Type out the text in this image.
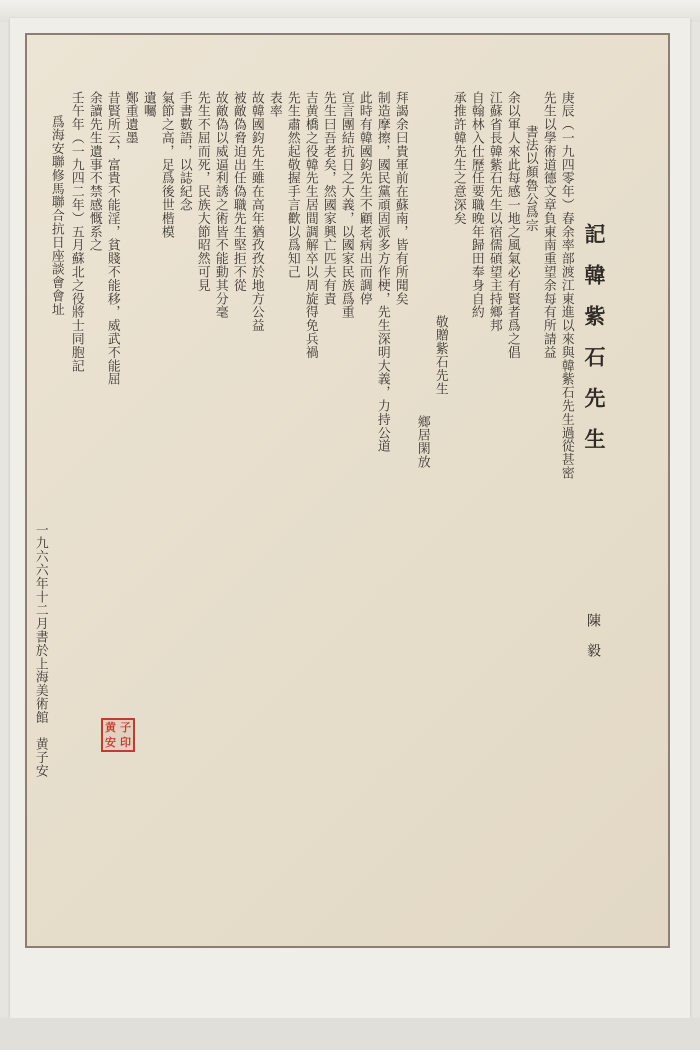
記韓紫石先生
庚辰（一九四零年）春余率部渡江東進以來與韓紫石先生過從甚密
先生以學術道德文章負東南重望余每有所請益
書法以顏魯公爲宗
余以軍人來此每感一地之風氣必有賢者爲之倡
江蘇省長韓紫石先生以宿儒碩望主持鄉邦
自翰林入仕歷任要職晚年歸田奉身自約
承推許韓先生之意深矣
敬贈紫石先生
鄉居閑放
拜謁余曰貴軍前在蘇南，皆有所聞矣
制造摩擦，國民黨頑固派多方作梗，先生深明大義，力持公道
此時有韓國鈞先生不顧老病出而調停
宣言團結抗日之大義，以國家民族爲重
先生曰吾老矣，然國家興亡匹夫有責
吉黄橋之役韓先生居間調解卒以周旋得免兵禍
先生肅然起敬握手言歡以爲知己
表率
故韓國鈞先生雖在高年猶孜孜於地方公益
被敵偽脅迫出任偽職先生堅拒不從
故敵偽以威逼利誘之術皆不能動其分毫
先生不屈而死，民族大節昭然可見
手書數語，以誌紀念
氣節之高，足爲後世楷模
遺囑
鄭重遺墨
昔賢所云，富貴不能淫，貧賤不能移，威武不能屈
余讀先生遺事不禁感慨系之
壬午年（一九四二年）五月蘇北之役將士同胞記
爲海安聯修馬聯合抗日座談會會址
陳毅
一九六六年十二月書於上海美術館　黄子安	黄 子
安 印
